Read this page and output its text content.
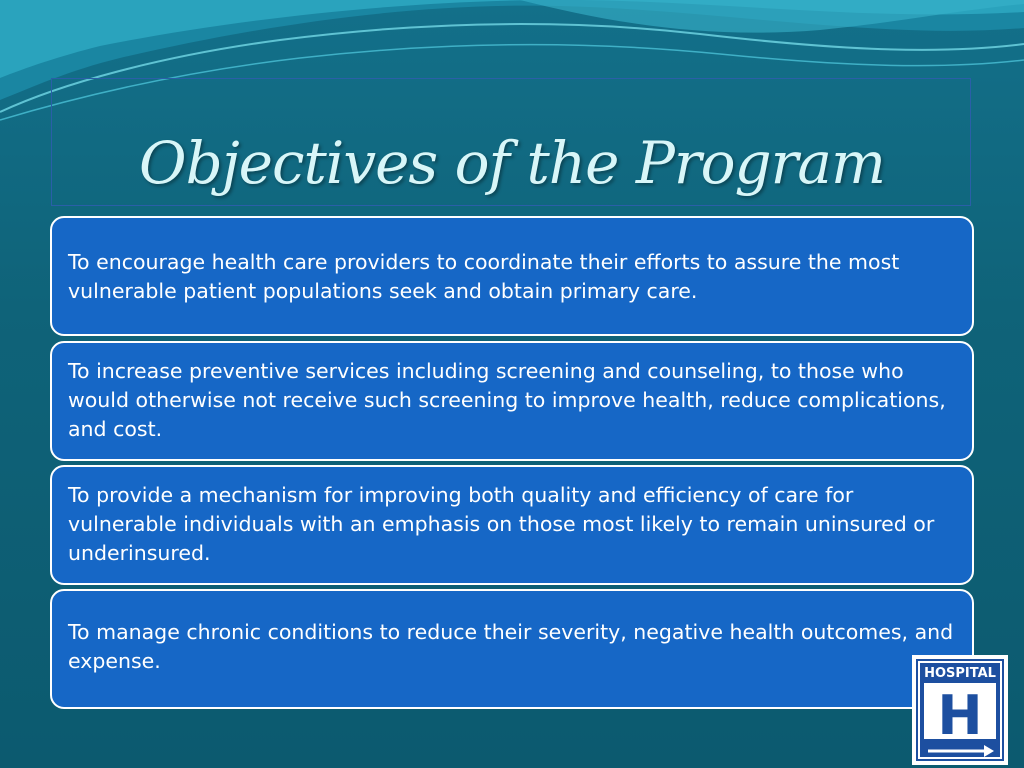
Objectives of the Program
To encourage health care providers to coordinate their efforts to assure the most vulnerable patient populations seek and obtain primary care.
To increase preventive services including screening and counseling, to those who would otherwise not receive such screening to improve health, reduce complications, and cost.
To provide a mechanism for improving both quality and efficiency of care for vulnerable individuals with an emphasis on those most likely to remain uninsured or underinsured.
To manage chronic conditions to reduce their severity, negative health outcomes, and expense.
HOSPITAL
H
